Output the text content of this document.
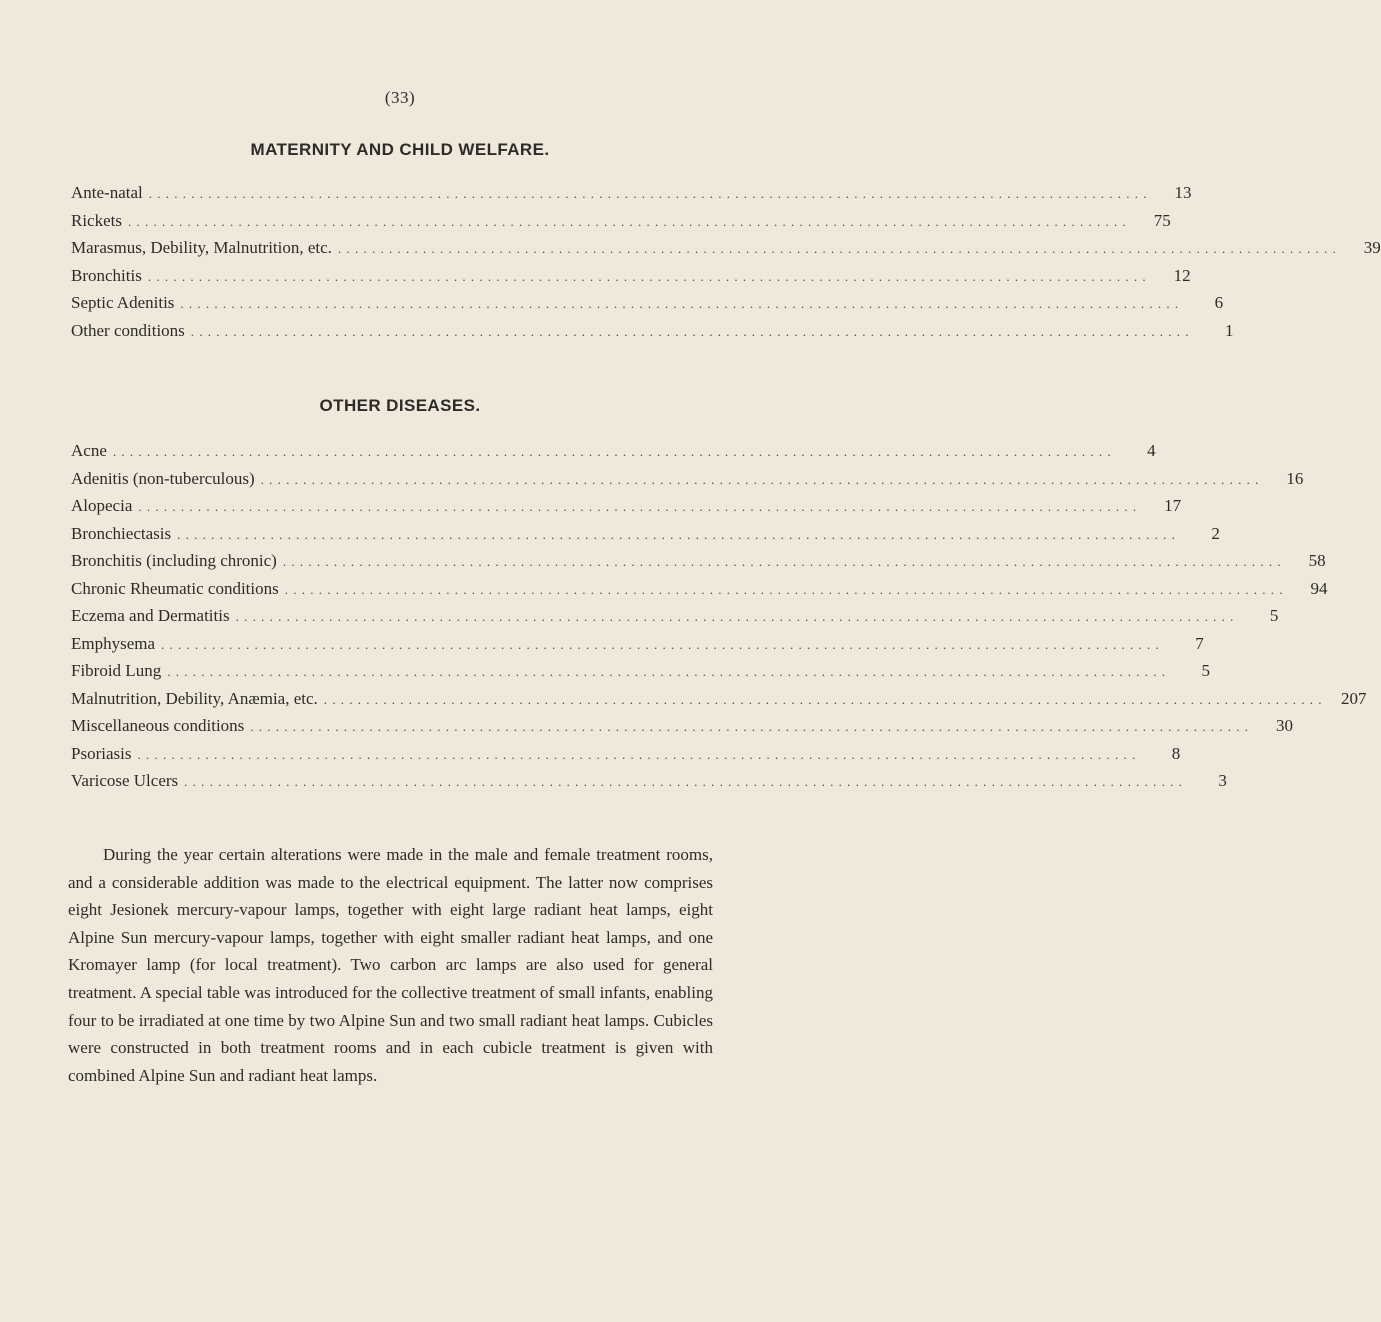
(33)
MATERNITY AND CHILD WELFARE.
Ante-natal . . . . . . . . . . . . . . . . . . . . . . . . . . . . . . . . . . . . . . . . . . . . . . . . . . . . . . . . . . . . . . . . . . . . . . . . . . . . . . . . . . . . . . . . . . . . . . . . . . . . . . . . . . . . . . . . . . . . . .	13
Rickets . . . . . . . . . . . . . . . . . . . . . . . . . . . . . . . . . . . . . . . . . . . . . . . . . . . . . . . . . . . . . . . . . . . . . . . . . . . . . . . . . . . . . . . . . . . . . . . . . . . . . . . . . . . . . . . . . . . . . .	75
Marasmus, Debility, Malnutrition, etc. . . . . . . . . . . . . . . . . . . . . . . . . . . . . . . . . . . . . . . . . . . . . . . . . . . . . . . . . . . . . . . . . . . . . . . . . . . . . . . . . . . . . . . . . . . . . . . . . . . . . . . . . . . . . . . . . . . . . . .	39
Bronchitis . . . . . . . . . . . . . . . . . . . . . . . . . . . . . . . . . . . . . . . . . . . . . . . . . . . . . . . . . . . . . . . . . . . . . . . . . . . . . . . . . . . . . . . . . . . . . . . . . . . . . . . . . . . . . . . . . . . . . .	12
Septic Adenitis . . . . . . . . . . . . . . . . . . . . . . . . . . . . . . . . . . . . . . . . . . . . . . . . . . . . . . . . . . . . . . . . . . . . . . . . . . . . . . . . . . . . . . . . . . . . . . . . . . . . . . . . . . . . . . . . . . . . . .	6
Other conditions . . . . . . . . . . . . . . . . . . . . . . . . . . . . . . . . . . . . . . . . . . . . . . . . . . . . . . . . . . . . . . . . . . . . . . . . . . . . . . . . . . . . . . . . . . . . . . . . . . . . . . . . . . . . . . . . . . . . . .	1
OTHER DISEASES.
Acne . . . . . . . . . . . . . . . . . . . . . . . . . . . . . . . . . . . . . . . . . . . . . . . . . . . . . . . . . . . . . . . . . . . . . . . . . . . . . . . . . . . . . . . . . . . . . . . . . . . . . . . . . . . . . . . . . . . . . .	4
Adenitis (non-tuberculous) . . . . . . . . . . . . . . . . . . . . . . . . . . . . . . . . . . . . . . . . . . . . . . . . . . . . . . . . . . . . . . . . . . . . . . . . . . . . . . . . . . . . . . . . . . . . . . . . . . . . . . . . . . . . . . . . . . . . . .	16
Alopecia . . . . . . . . . . . . . . . . . . . . . . . . . . . . . . . . . . . . . . . . . . . . . . . . . . . . . . . . . . . . . . . . . . . . . . . . . . . . . . . . . . . . . . . . . . . . . . . . . . . . . . . . . . . . . . . . . . . . . .	17
Bronchiectasis . . . . . . . . . . . . . . . . . . . . . . . . . . . . . . . . . . . . . . . . . . . . . . . . . . . . . . . . . . . . . . . . . . . . . . . . . . . . . . . . . . . . . . . . . . . . . . . . . . . . . . . . . . . . . . . . . . . . . .	2
Bronchitis (including chronic) . . . . . . . . . . . . . . . . . . . . . . . . . . . . . . . . . . . . . . . . . . . . . . . . . . . . . . . . . . . . . . . . . . . . . . . . . . . . . . . . . . . . . . . . . . . . . . . . . . . . . . . . . . . . . . . . . . . . . .	58
Chronic Rheumatic conditions . . . . . . . . . . . . . . . . . . . . . . . . . . . . . . . . . . . . . . . . . . . . . . . . . . . . . . . . . . . . . . . . . . . . . . . . . . . . . . . . . . . . . . . . . . . . . . . . . . . . . . . . . . . . . . . . . . . . . .	94
Eczema and Dermatitis . . . . . . . . . . . . . . . . . . . . . . . . . . . . . . . . . . . . . . . . . . . . . . . . . . . . . . . . . . . . . . . . . . . . . . . . . . . . . . . . . . . . . . . . . . . . . . . . . . . . . . . . . . . . . . . . . . . . . .	5
Emphysema . . . . . . . . . . . . . . . . . . . . . . . . . . . . . . . . . . . . . . . . . . . . . . . . . . . . . . . . . . . . . . . . . . . . . . . . . . . . . . . . . . . . . . . . . . . . . . . . . . . . . . . . . . . . . . . . . . . . . .	7
Fibroid Lung . . . . . . . . . . . . . . . . . . . . . . . . . . . . . . . . . . . . . . . . . . . . . . . . . . . . . . . . . . . . . . . . . . . . . . . . . . . . . . . . . . . . . . . . . . . . . . . . . . . . . . . . . . . . . . . . . . . . . .	5
Malnutrition, Debility, Anæmia, etc. . . . . . . . . . . . . . . . . . . . . . . . . . . . . . . . . . . . . . . . . . . . . . . . . . . . . . . . . . . . . . . . . . . . . . . . . . . . . . . . . . . . . . . . . . . . . . . . . . . . . . . . . . . . . . . . . . . . . . .	207
Miscellaneous conditions . . . . . . . . . . . . . . . . . . . . . . . . . . . . . . . . . . . . . . . . . . . . . . . . . . . . . . . . . . . . . . . . . . . . . . . . . . . . . . . . . . . . . . . . . . . . . . . . . . . . . . . . . . . . . . . . . . . . . .	30
Psoriasis . . . . . . . . . . . . . . . . . . . . . . . . . . . . . . . . . . . . . . . . . . . . . . . . . . . . . . . . . . . . . . . . . . . . . . . . . . . . . . . . . . . . . . . . . . . . . . . . . . . . . . . . . . . . . . . . . . . . . .	8
Varicose Ulcers . . . . . . . . . . . . . . . . . . . . . . . . . . . . . . . . . . . . . . . . . . . . . . . . . . . . . . . . . . . . . . . . . . . . . . . . . . . . . . . . . . . . . . . . . . . . . . . . . . . . . . . . . . . . . . . . . . . . . .	3

During the year certain alterations were made in the male and female treatment rooms, and a considerable addition was made to the electrical equipment. The latter now comprises eight Jesionek mercury-vapour lamps, together with eight large radiant heat lamps, eight Alpine Sun mercury-vapour lamps, together with eight smaller radiant heat lamps, and one Kromayer lamp (for local treatment). Two carbon arc lamps are also used for general treatment. A special table was introduced for the collective treatment of small infants, enabling four to be irradiated at one time by two Alpine Sun and two small radiant heat lamps. Cubicles were constructed in both treatment rooms and in each cubicle treatment is given with combined Alpine Sun and radiant heat lamps.
